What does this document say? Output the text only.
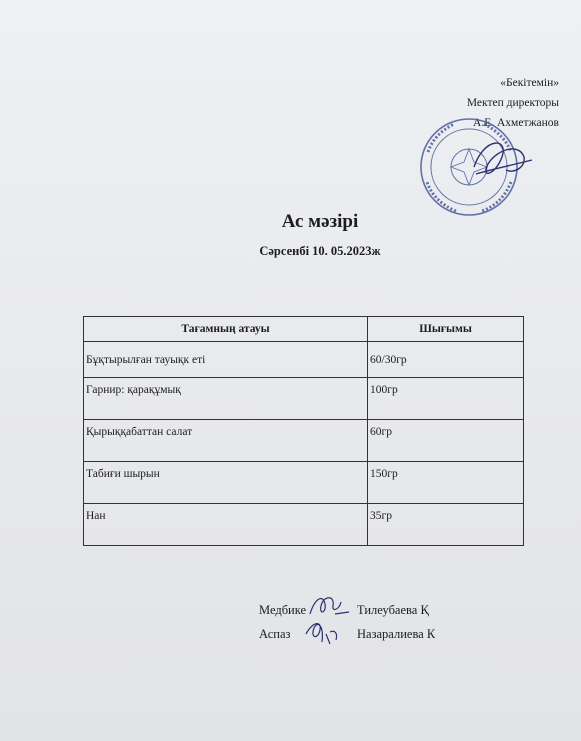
«Бекітемін»
Мектеп директоры
А.Е. Ахметжанов
Ас мәзірі
Сәрсенбі 10. 05.2023ж
Тағамның атауы	Шығымы
Бұқтырылған тауықк еті	60/30гр
Гарнир: қарақұмық	100гр
Қырыққабаттан салат	60гр
Табиғи шырын	150гр
Нан	35гр
Медбике	Тилеубаева Қ
Аспаз	Назаралиева К
